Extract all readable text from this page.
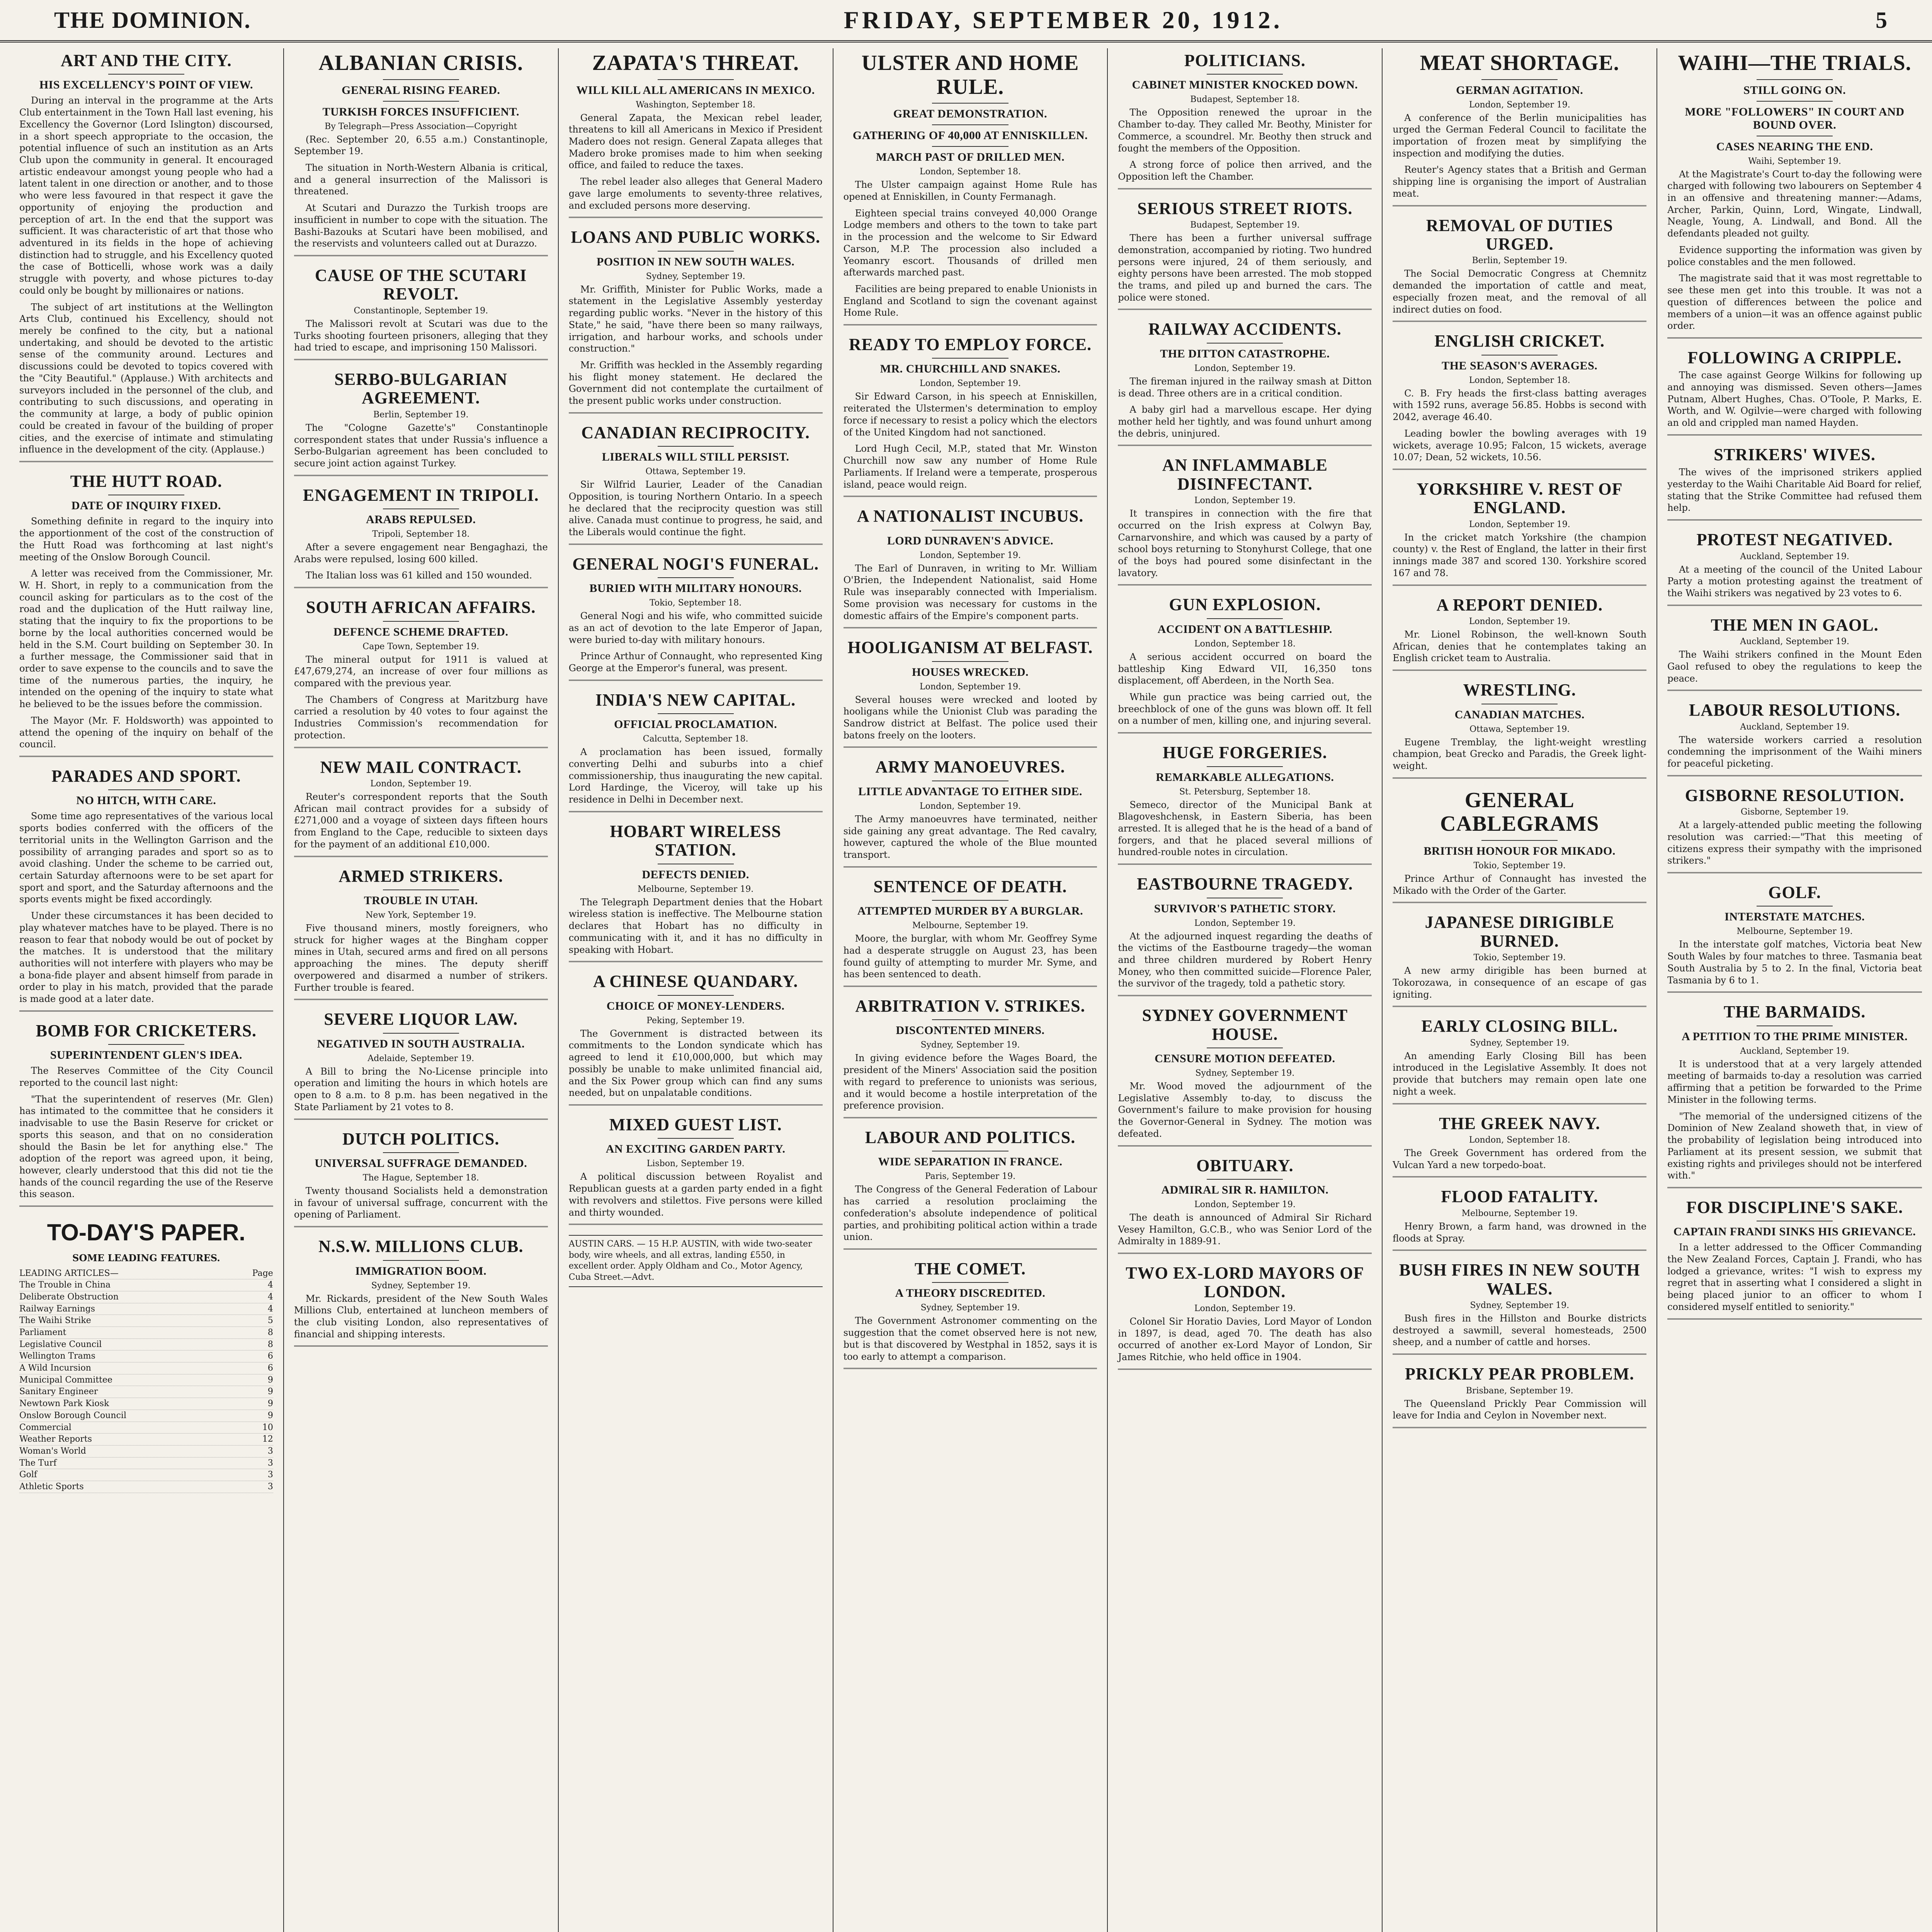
THE DOMINION.	FRIDAY, SEPTEMBER 20, 1912.	5
ART AND THE CITY.
HIS EXCELLENCY'S POINT OF VIEW.

During an interval in the programme at the Arts Club entertainment in the Town Hall last evening, his Excellency the Governor (Lord Islington) discoursed, in a short speech appropriate to the occasion, the potential influence of such an institution as an Arts Club upon the community in general. It encouraged artistic endeavour amongst young people who had a latent talent in one direction or another, and to those who were less favoured in that respect it gave the opportunity of enjoying the production and perception of art. In the end that the support was sufficient. It was characteristic of art that those who adventured in its fields in the hope of achieving distinction had to struggle, and his Excellency quoted the case of Botticelli, whose work was a daily struggle with poverty, and whose pictures to-day could only be bought by millionaires or nations.

The subject of art institutions at the Wellington Arts Club, continued his Excellency, should not merely be confined to the city, but a national undertaking, and should be devoted to the artistic sense of the community around. Lectures and discussions could be devoted to topics covered with the "City Beautiful." (Applause.) With architects and surveyors included in the personnel of the club, and contributing to such discussions, and operating in the community at large, a body of public opinion could be created in favour of the building of proper cities, and the exercise of intimate and stimulating influence in the development of the city. (Applause.)

THE HUTT ROAD.
DATE OF INQUIRY FIXED.

Something definite in regard to the inquiry into the apportionment of the cost of the construction of the Hutt Road was forthcoming at last night's meeting of the Onslow Borough Council.

A letter was received from the Commissioner, Mr. W. H. Short, in reply to a communication from the council asking for particulars as to the cost of the road and the duplication of the Hutt railway line, stating that the inquiry to fix the proportions to be borne by the local authorities concerned would be held in the S.M. Court building on September 30. In a further message, the Commissioner said that in order to save expense to the councils and to save the time of the numerous parties, the inquiry, he intended on the opening of the inquiry to state what he believed to be the issues before the commission.

The Mayor (Mr. F. Holdsworth) was appointed to attend the opening of the inquiry on behalf of the council.

PARADES AND SPORT.
NO HITCH, WITH CARE.

Some time ago representatives of the various local sports bodies conferred with the officers of the territorial units in the Wellington Garrison and the possibility of arranging parades and sport so as to avoid clashing. Under the scheme to be carried out, certain Saturday afternoons were to be set apart for sport and sport, and the Saturday afternoons and the sports events might be fixed accordingly.

Under these circumstances it has been decided to play whatever matches have to be played. There is no reason to fear that nobody would be out of pocket by the matches. It is understood that the military authorities will not interfere with players who may be a bona-fide player and absent himself from parade in order to play in his match, provided that the parade is made good at a later date.

BOMB FOR CRICKETERS.
SUPERINTENDENT GLEN'S IDEA.

The Reserves Committee of the City Council reported to the council last night:

"That the superintendent of reserves (Mr. Glen) has intimated to the committee that he considers it inadvisable to use the Basin Reserve for cricket or sports this season, and that on no consideration should the Basin be let for anything else." The adoption of the report was agreed upon, it being, however, clearly understood that this did not tie the hands of the council regarding the use of the Reserve this season.

TO-DAY'S PAPER.
SOME LEADING FEATURES.
LEADING ARTICLES—	Page
The Trouble in China	4
Deliberate Obstruction	4
Railway Earnings	4
The Waihi Strike	5
Parliament	8
Legislative Council	8
Wellington Trams	6
A Wild Incursion	6
Municipal Committee	9
Sanitary Engineer	9
Newtown Park Kiosk	9
Onslow Borough Council	9
Commercial	10
Weather Reports	12
Woman's World	3
The Turf	3
Golf	3
Athletic Sports	3
ALBANIAN CRISIS.
GENERAL RISING FEARED.
TURKISH FORCES INSUFFICIENT.
By Telegraph—Press Association—Copyright

(Rec. September 20, 6.55 a.m.) Constantinople, September 19.

The situation in North-Western Albania is critical, and a general insurrection of the Malissori is threatened.

At Scutari and Durazzo the Turkish troops are insufficient in number to cope with the situation. The Bashi-Bazouks at Scutari have been mobilised, and the reservists and volunteers called out at Durazzo.

CAUSE OF THE SCUTARI REVOLT.
Constantinople, September 19.

The Malissori revolt at Scutari was due to the Turks shooting fourteen prisoners, alleging that they had tried to escape, and imprisoning 150 Malissori.

SERBO-BULGARIAN AGREEMENT.
Berlin, September 19.

The "Cologne Gazette's" Constantinople correspondent states that under Russia's influence a Serbo-Bulgarian agreement has been concluded to secure joint action against Turkey.

ENGAGEMENT IN TRIPOLI.
ARABS REPULSED.
Tripoli, September 18.

After a severe engagement near Bengaghazi, the Arabs were repulsed, losing 600 killed.

The Italian loss was 61 killed and 150 wounded.

SOUTH AFRICAN AFFAIRS.
DEFENCE SCHEME DRAFTED.
Cape Town, September 19.

The mineral output for 1911 is valued at £47,679,274, an increase of over four millions as compared with the previous year.

The Chambers of Congress at Maritzburg have carried a resolution by 40 votes to four against the Industries Commission's recommendation for protection.

NEW MAIL CONTRACT.
London, September 19.

Reuter's correspondent reports that the South African mail contract provides for a subsidy of £271,000 and a voyage of sixteen days fifteen hours from England to the Cape, reducible to sixteen days for the payment of an additional £10,000.

ARMED STRIKERS.
TROUBLE IN UTAH.
New York, September 19.

Five thousand miners, mostly foreigners, who struck for higher wages at the Bingham copper mines in Utah, secured arms and fired on all persons approaching the mines. The deputy sheriff overpowered and disarmed a number of strikers. Further trouble is feared.

SEVERE LIQUOR LAW.
NEGATIVED IN SOUTH AUSTRALIA.
Adelaide, September 19.

A Bill to bring the No-License principle into operation and limiting the hours in which hotels are open to 8 a.m. to 8 p.m. has been negatived in the State Parliament by 21 votes to 8.

DUTCH POLITICS.
UNIVERSAL SUFFRAGE DEMANDED.
The Hague, September 18.

Twenty thousand Socialists held a demonstration in favour of universal suffrage, concurrent with the opening of Parliament.

N.S.W. MILLIONS CLUB.
IMMIGRATION BOOM.
Sydney, September 19.

Mr. Rickards, president of the New South Wales Millions Club, entertained at luncheon members of the club visiting London, also representatives of financial and shipping interests.

ZAPATA'S THREAT.
WILL KILL ALL AMERICANS IN MEXICO.
Washington, September 18.

General Zapata, the Mexican rebel leader, threatens to kill all Americans in Mexico if President Madero does not resign. General Zapata alleges that Madero broke promises made to him when seeking office, and failed to reduce the taxes.

The rebel leader also alleges that General Madero gave large emoluments to seventy-three relatives, and excluded persons more deserving.

LOANS AND PUBLIC WORKS.
POSITION IN NEW SOUTH WALES.
Sydney, September 19.

Mr. Griffith, Minister for Public Works, made a statement in the Legislative Assembly yesterday regarding public works. "Never in the history of this State," he said, "have there been so many railways, irrigation, and harbour works, and schools under construction."

Mr. Griffith was heckled in the Assembly regarding his flight money statement. He declared the Government did not contemplate the curtailment of the present public works under construction.

CANADIAN RECIPROCITY.
LIBERALS WILL STILL PERSIST.
Ottawa, September 19.

Sir Wilfrid Laurier, Leader of the Canadian Opposition, is touring Northern Ontario. In a speech he declared that the reciprocity question was still alive. Canada must continue to progress, he said, and the Liberals would continue the fight.

GENERAL NOGI'S FUNERAL.
BURIED WITH MILITARY HONOURS.
Tokio, September 18.

General Nogi and his wife, who committed suicide as an act of devotion to the late Emperor of Japan, were buried to-day with military honours.

Prince Arthur of Connaught, who represented King George at the Emperor's funeral, was present.

INDIA'S NEW CAPITAL.
OFFICIAL PROCLAMATION.
Calcutta, September 18.

A proclamation has been issued, formally converting Delhi and suburbs into a chief commissionership, thus inaugurating the new capital. Lord Hardinge, the Viceroy, will take up his residence in Delhi in December next.

HOBART WIRELESS STATION.
DEFECTS DENIED.
Melbourne, September 19.

The Telegraph Department denies that the Hobart wireless station is ineffective. The Melbourne station declares that Hobart has no difficulty in communicating with it, and it has no difficulty in speaking with Hobart.

A CHINESE QUANDARY.
CHOICE OF MONEY-LENDERS.
Peking, September 19.

The Government is distracted between its commitments to the London syndicate which has agreed to lend it £10,000,000, but which may possibly be unable to make unlimited financial aid, and the Six Power group which can find any sums needed, but on unpalatable conditions.

MIXED GUEST LIST.
AN EXCITING GARDEN PARTY.
Lisbon, September 19.

A political discussion between Royalist and Republican guests at a garden party ended in a fight with revolvers and stilettos. Five persons were killed and thirty wounded.

AUSTIN CARS. — 15 H.P. AUSTIN, with wide two-seater body, wire wheels, and all extras, landing £550, in excellent order. Apply Oldham and Co., Motor Agency, Cuba Street.—Advt.
ULSTER AND HOME RULE.
GREAT DEMONSTRATION.
GATHERING OF 40,000 AT ENNISKILLEN.
MARCH PAST OF DRILLED MEN.
London, September 18.

The Ulster campaign against Home Rule has opened at Enniskillen, in County Fermanagh.

Eighteen special trains conveyed 40,000 Orange Lodge members and others to the town to take part in the procession and the welcome to Sir Edward Carson, M.P. The procession also included a Yeomanry escort. Thousands of drilled men afterwards marched past.

Facilities are being prepared to enable Unionists in England and Scotland to sign the covenant against Home Rule.

READY TO EMPLOY FORCE.
MR. CHURCHILL AND SNAKES.
London, September 19.

Sir Edward Carson, in his speech at Enniskillen, reiterated the Ulstermen's determination to employ force if necessary to resist a policy which the electors of the United Kingdom had not sanctioned.

Lord Hugh Cecil, M.P., stated that Mr. Winston Churchill now saw any number of Home Rule Parliaments. If Ireland were a temperate, prosperous island, peace would reign.

A NATIONALIST INCUBUS.
LORD DUNRAVEN'S ADVICE.
London, September 19.

The Earl of Dunraven, in writing to Mr. William O'Brien, the Independent Nationalist, said Home Rule was inseparably connected with Imperialism. Some provision was necessary for customs in the domestic affairs of the Empire's component parts.

HOOLIGANISM AT BELFAST.
HOUSES WRECKED.
London, September 19.

Several houses were wrecked and looted by hooligans while the Unionist Club was parading the Sandrow district at Belfast. The police used their batons freely on the looters.

ARMY MANOEUVRES.
LITTLE ADVANTAGE TO EITHER SIDE.
London, September 19.

The Army manoeuvres have terminated, neither side gaining any great advantage. The Red cavalry, however, captured the whole of the Blue mounted transport.

SENTENCE OF DEATH.
ATTEMPTED MURDER BY A BURGLAR.
Melbourne, September 19.

Moore, the burglar, with whom Mr. Geoffrey Syme had a desperate struggle on August 23, has been found guilty of attempting to murder Mr. Syme, and has been sentenced to death.

ARBITRATION V. STRIKES.
DISCONTENTED MINERS.
Sydney, September 19.

In giving evidence before the Wages Board, the president of the Miners' Association said the position with regard to preference to unionists was serious, and it would become a hostile interpretation of the preference provision.

LABOUR AND POLITICS.
WIDE SEPARATION IN FRANCE.
Paris, September 19.

The Congress of the General Federation of Labour has carried a resolution proclaiming the confederation's absolute independence of political parties, and prohibiting political action within a trade union.

THE COMET.
A THEORY DISCREDITED.
Sydney, September 19.

The Government Astronomer commenting on the suggestion that the comet observed here is not new, but is that discovered by Westphal in 1852, says it is too early to attempt a comparison.

POLITICIANS.
CABINET MINISTER KNOCKED DOWN.
Budapest, September 18.

The Opposition renewed the uproar in the Chamber to-day. They called Mr. Beothy, Minister for Commerce, a scoundrel. Mr. Beothy then struck and fought the members of the Opposition.

A strong force of police then arrived, and the Opposition left the Chamber.

SERIOUS STREET RIOTS.
Budapest, September 19.

There has been a further universal suffrage demonstration, accompanied by rioting. Two hundred persons were injured, 24 of them seriously, and eighty persons have been arrested. The mob stopped the trams, and piled up and burned the cars. The police were stoned.

RAILWAY ACCIDENTS.
THE DITTON CATASTROPHE.
London, September 19.

The fireman injured in the railway smash at Ditton is dead. Three others are in a critical condition.

A baby girl had a marvellous escape. Her dying mother held her tightly, and was found unhurt among the debris, uninjured.

AN INFLAMMABLE DISINFECTANT.
London, September 19.

It transpires in connection with the fire that occurred on the Irish express at Colwyn Bay, Carnarvonshire, and which was caused by a party of school boys returning to Stonyhurst College, that one of the boys had poured some disinfectant in the lavatory.

GUN EXPLOSION.
ACCIDENT ON A BATTLESHIP.
London, September 18.

A serious accident occurred on board the battleship King Edward VII, 16,350 tons displacement, off Aberdeen, in the North Sea.

While gun practice was being carried out, the breechblock of one of the guns was blown off. It fell on a number of men, killing one, and injuring several.

HUGE FORGERIES.
REMARKABLE ALLEGATIONS.
St. Petersburg, September 18.

Semeco, director of the Municipal Bank at Blagoveshchensk, in Eastern Siberia, has been arrested. It is alleged that he is the head of a band of forgers, and that he placed several millions of hundred-rouble notes in circulation.

EASTBOURNE TRAGEDY.
SURVIVOR'S PATHETIC STORY.
London, September 19.

At the adjourned inquest regarding the deaths of the victims of the Eastbourne tragedy—the woman and three children murdered by Robert Henry Money, who then committed suicide—Florence Paler, the survivor of the tragedy, told a pathetic story.

SYDNEY GOVERNMENT HOUSE.
CENSURE MOTION DEFEATED.
Sydney, September 19.

Mr. Wood moved the adjournment of the Legislative Assembly to-day, to discuss the Government's failure to make provision for housing the Governor-General in Sydney. The motion was defeated.

OBITUARY.
ADMIRAL SIR R. HAMILTON.
London, September 19.

The death is announced of Admiral Sir Richard Vesey Hamilton, G.C.B., who was Senior Lord of the Admiralty in 1889-91.

TWO EX-LORD MAYORS OF LONDON.
London, September 19.

Colonel Sir Horatio Davies, Lord Mayor of London in 1897, is dead, aged 70. The death has also occurred of another ex-Lord Mayor of London, Sir James Ritchie, who held office in 1904.

MEAT SHORTAGE.
GERMAN AGITATION.
London, September 19.

A conference of the Berlin municipalities has urged the German Federal Council to facilitate the importation of frozen meat by simplifying the inspection and modifying the duties.

Reuter's Agency states that a British and German shipping line is organising the import of Australian meat.

REMOVAL OF DUTIES URGED.
Berlin, September 19.

The Social Democratic Congress at Chemnitz demanded the importation of cattle and meat, especially frozen meat, and the removal of all indirect duties on food.

ENGLISH CRICKET.
THE SEASON'S AVERAGES.
London, September 18.

C. B. Fry heads the first-class batting averages with 1592 runs, average 56.85. Hobbs is second with 2042, average 46.40.

Leading bowler the bowling averages with 19 wickets, average 10.95; Falcon, 15 wickets, average 10.07; Dean, 52 wickets, 10.56.

YORKSHIRE V. REST OF ENGLAND.
London, September 19.

In the cricket match Yorkshire (the champion county) v. the Rest of England, the latter in their first innings made 387 and scored 130. Yorkshire scored 167 and 78.

A REPORT DENIED.
London, September 19.

Mr. Lionel Robinson, the well-known South African, denies that he contemplates taking an English cricket team to Australia.

WRESTLING.
CANADIAN MATCHES.
Ottawa, September 19.

Eugene Tremblay, the light-weight wrestling champion, beat Grecko and Paradis, the Greek light-weight.

GENERAL CABLEGRAMS
BRITISH HONOUR FOR MIKADO.
Tokio, September 19.

Prince Arthur of Connaught has invested the Mikado with the Order of the Garter.

JAPANESE DIRIGIBLE BURNED.
Tokio, September 19.

A new army dirigible has been burned at Tokorozawa, in consequence of an escape of gas igniting.

EARLY CLOSING BILL.
Sydney, September 19.

An amending Early Closing Bill has been introduced in the Legislative Assembly. It does not provide that butchers may remain open late one night a week.

THE GREEK NAVY.
London, September 18.

The Greek Government has ordered from the Vulcan Yard a new torpedo-boat.

FLOOD FATALITY.
Melbourne, September 19.

Henry Brown, a farm hand, was drowned in the floods at Spray.

BUSH FIRES IN NEW SOUTH WALES.
Sydney, September 19.

Bush fires in the Hillston and Bourke districts destroyed a sawmill, several homesteads, 2500 sheep, and a number of cattle and horses.

PRICKLY PEAR PROBLEM.
Brisbane, September 19.

The Queensland Prickly Pear Commission will leave for India and Ceylon in November next.

WAIHI—THE TRIALS.
STILL GOING ON.
MORE "FOLLOWERS" IN COURT AND BOUND OVER.
CASES NEARING THE END.
Waihi, September 19.

At the Magistrate's Court to-day the following were charged with following two labourers on September 4 in an offensive and threatening manner:—Adams, Archer, Parkin, Quinn, Lord, Wingate, Lindwall, Neagle, Young, A. Lindwall, and Bond. All the defendants pleaded not guilty.

Evidence supporting the information was given by police constables and the men followed.

The magistrate said that it was most regrettable to see these men get into this trouble. It was not a question of differences between the police and members of a union—it was an offence against public order.

FOLLOWING A CRIPPLE.

The case against George Wilkins for following up and annoying was dismissed. Seven others—James Putnam, Albert Hughes, Chas. O'Toole, P. Marks, E. Worth, and W. Ogilvie—were charged with following an old and crippled man named Hayden.

STRIKERS' WIVES.

The wives of the imprisoned strikers applied yesterday to the Waihi Charitable Aid Board for relief, stating that the Strike Committee had refused them help.

PROTEST NEGATIVED.
Auckland, September 19.

At a meeting of the council of the United Labour Party a motion protesting against the treatment of the Waihi strikers was negatived by 23 votes to 6.

THE MEN IN GAOL.
Auckland, September 19.

The Waihi strikers confined in the Mount Eden Gaol refused to obey the regulations to keep the peace.

LABOUR RESOLUTIONS.
Auckland, September 19.

The waterside workers carried a resolution condemning the imprisonment of the Waihi miners for peaceful picketing.

GISBORNE RESOLUTION.
Gisborne, September 19.

At a largely-attended public meeting the following resolution was carried:—"That this meeting of citizens express their sympathy with the imprisoned strikers."

GOLF.
INTERSTATE MATCHES.
Melbourne, September 19.

In the interstate golf matches, Victoria beat New South Wales by four matches to three. Tasmania beat South Australia by 5 to 2. In the final, Victoria beat Tasmania by 6 to 1.

THE BARMAIDS.
A PETITION TO THE PRIME MINISTER.
Auckland, September 19.

It is understood that at a very largely attended meeting of barmaids to-day a resolution was carried affirming that a petition be forwarded to the Prime Minister in the following terms.

"The memorial of the undersigned citizens of the Dominion of New Zealand showeth that, in view of the probability of legislation being introduced into Parliament at its present session, we submit that existing rights and privileges should not be interfered with."

FOR DISCIPLINE'S SAKE.
CAPTAIN FRANDI SINKS HIS GRIEVANCE.

In a letter addressed to the Officer Commanding the New Zealand Forces, Captain J. Frandi, who has lodged a grievance, writes: "I wish to express my regret that in asserting what I considered a slight in being placed junior to an officer to whom I considered myself entitled to seniority."
